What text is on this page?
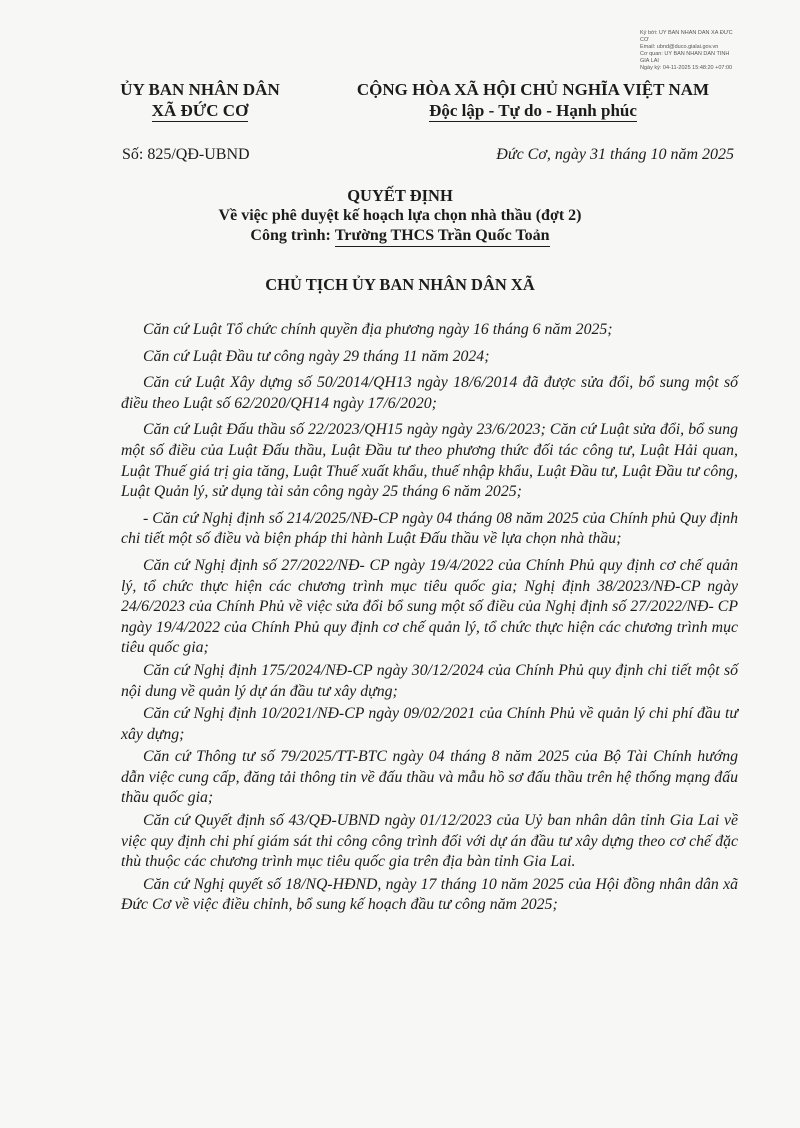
Ký bởi: ỦY BAN NHÂN DÂN XÃ ĐỨC
CƠ
Email: ubnd@duco.gialai.gov.vn
Cơ quan: ỦY BAN NHÂN DÂN TỈNH
GIA LAI
Ngày ký: 04-11-2025 15:48:20 +07:00
ỦY BAN NHÂN DÂN
XÃ ĐỨC CƠ
CỘNG HÒA XÃ HỘI CHỦ NGHĨA VIỆT NAM
Độc lập - Tự do - Hạnh phúc
Số: 825/QĐ-UBND	Đức Cơ, ngày 31 tháng 10 năm 2025
QUYẾT ĐỊNH
Về việc phê duyệt kế hoạch lựa chọn nhà thầu (đợt 2)
Công trình: Trường THCS Trần Quốc Toản
CHỦ TỊCH ỦY BAN NHÂN DÂN XÃ

Căn cứ Luật Tổ chức chính quyền địa phương ngày 16 tháng 6 năm 2025;

Căn cứ Luật Đầu tư công ngày 29 tháng 11 năm 2024;

Căn cứ Luật Xây dựng số 50/2014/QH13 ngày 18/6/2014 đã được sửa đổi, bổ sung một số điều theo Luật số 62/2020/QH14 ngày 17/6/2020;

Căn cứ Luật Đấu thầu số 22/2023/QH15 ngày ngày 23/6/2023; Căn cứ Luật sửa đổi, bổ sung một số điều của Luật Đấu thầu, Luật Đầu tư theo phương thức đối tác công tư, Luật Hải quan, Luật Thuế giá trị gia tăng, Luật Thuế xuất khẩu, thuế nhập khẩu, Luật Đầu tư, Luật Đầu tư công, Luật Quản lý, sử dụng tài sản công ngày 25 tháng 6 năm 2025;

- Căn cứ Nghị định số 214/2025/NĐ-CP ngày 04 tháng 08 năm 2025 của Chính phủ Quy định chi tiết một số điều và biện pháp thi hành Luật Đấu thầu về lựa chọn nhà thầu;

Căn cứ Nghị định số 27/2022/NĐ- CP ngày 19/4/2022 của Chính Phủ quy định cơ chế quản lý, tổ chức thực hiện các chương trình mục tiêu quốc gia; Nghị định 38/2023/NĐ-CP ngày 24/6/2023 của Chính Phủ về việc sửa đổi bổ sung một số điều của Nghị định số 27/2022/NĐ- CP ngày 19/4/2022 của Chính Phủ quy định cơ chế quản lý, tổ chức thực hiện các chương trình mục tiêu quốc gia;

Căn cứ Nghị định 175/2024/NĐ-CP ngày 30/12/2024 của Chính Phủ quy định chi tiết một số nội dung về quản lý dự án đầu tư xây dựng;

Căn cứ Nghị định 10/2021/NĐ-CP ngày 09/02/2021 của Chính Phủ về quản lý chi phí đầu tư xây dựng;

Căn cứ Thông tư số 79/2025/TT-BTC ngày 04 tháng 8 năm 2025 của Bộ Tài Chính hướng dẫn việc cung cấp, đăng tải thông tin về đấu thầu và mẫu hồ sơ đấu thầu trên hệ thống mạng đấu thầu quốc gia;

Căn cứ Quyết định số 43/QĐ-UBND ngày 01/12/2023 của Uỷ ban nhân dân tỉnh Gia Lai về việc quy định chi phí giám sát thi công công trình đối với dự án đầu tư xây dựng theo cơ chế đặc thù thuộc các chương trình mục tiêu quốc gia trên địa bàn tỉnh Gia Lai.

Căn cứ Nghị quyết số 18/NQ-HĐND, ngày 17 tháng 10 năm 2025 của Hội đồng nhân dân xã Đức Cơ về việc điều chỉnh, bổ sung kế hoạch đầu tư công năm 2025;
